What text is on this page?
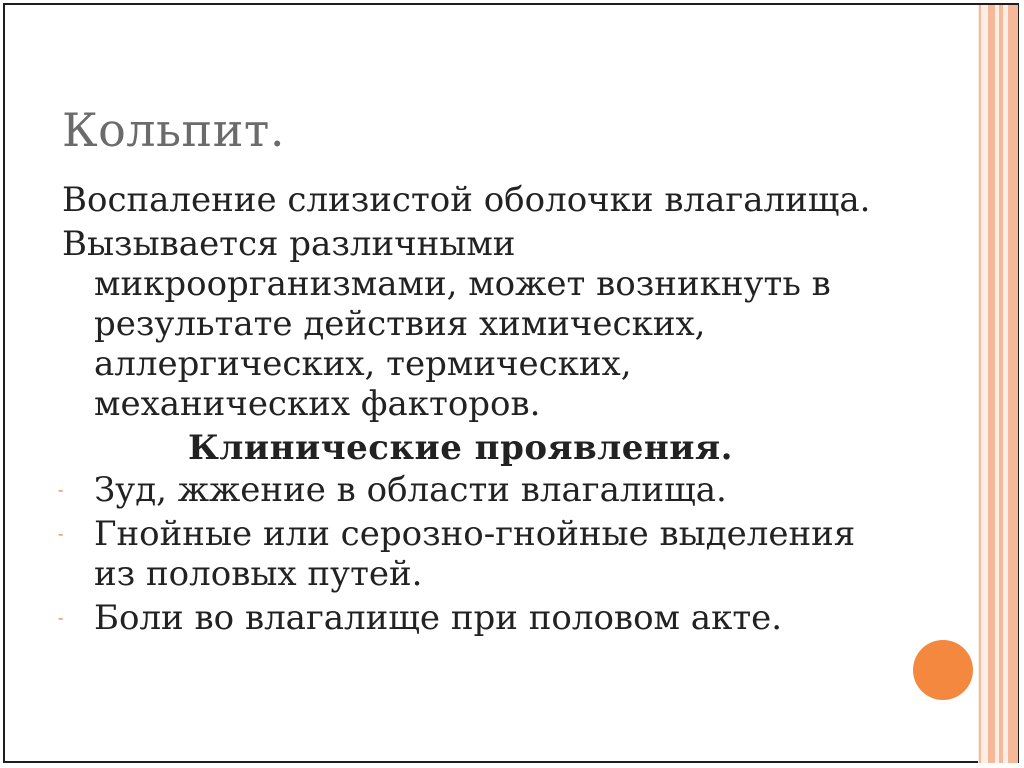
Кольпит.

Воспаление слизистой оболочки влагалища.

Вызывается различными микроорганизмами, может возникнуть в результате действия химических, аллергических, термических, механических факторов.

Клинические проявления.

- Зуд, жжение в области влагалища.
- Гнойные или серозно-гнойные выделения из половых путей.
- Боли во влагалище при половом акте.
